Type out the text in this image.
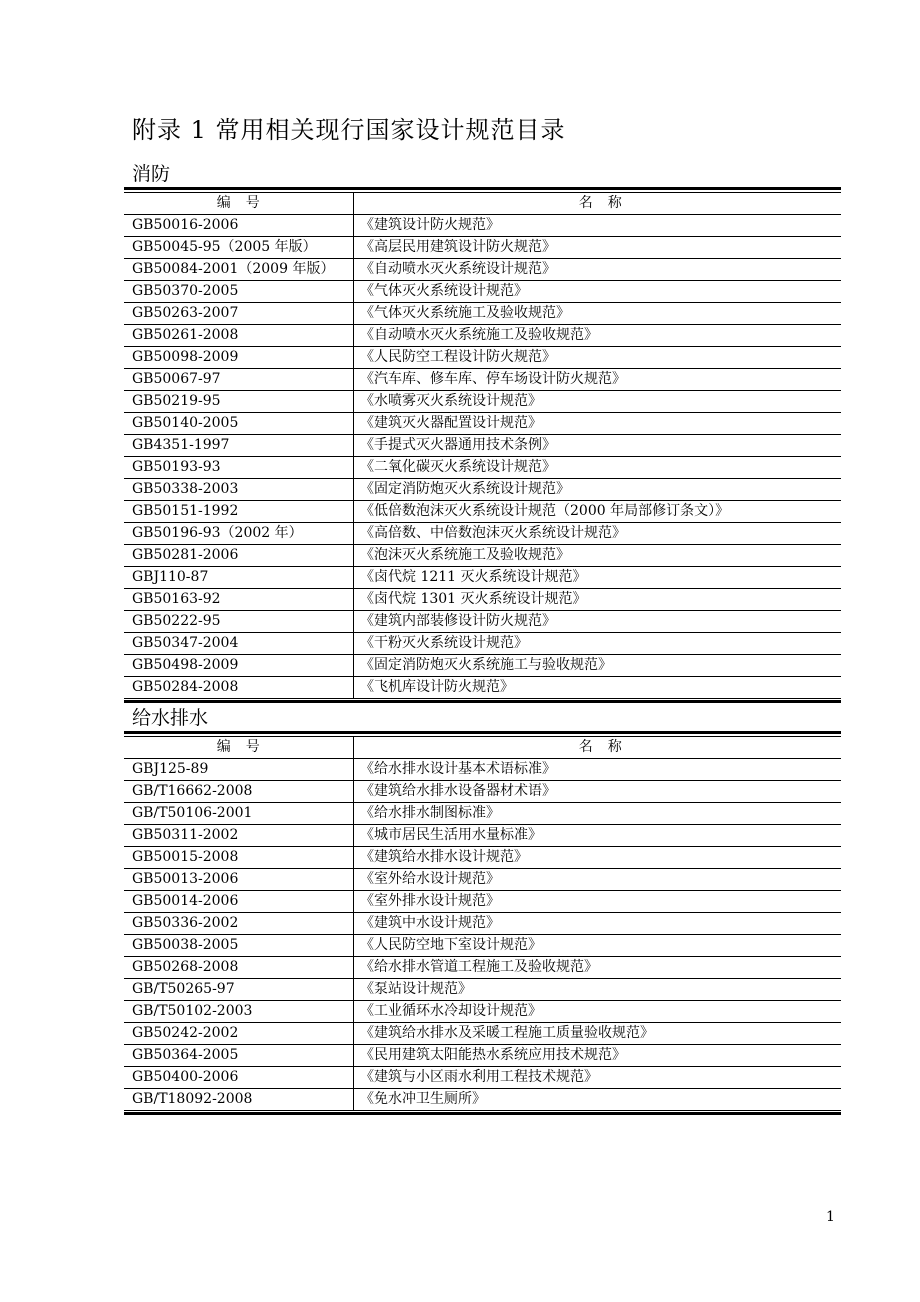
附录 1 常用相关现行国家设计规范目录
消防
编　号	名　称
GB50016-2006	《建筑设计防火规范》
GB50045-95（2005 年版）	《高层民用建筑设计防火规范》
GB50084-2001（2009 年版）	《自动喷水灭火系统设计规范》
GB50370-2005	《气体灭火系统设计规范》
GB50263-2007	《气体灭火系统施工及验收规范》
GB50261-2008	《自动喷水灭火系统施工及验收规范》
GB50098-2009	《人民防空工程设计防火规范》
GB50067-97	《汽车库、修车库、停车场设计防火规范》
GB50219-95	《水喷雾灭火系统设计规范》
GB50140-2005	《建筑灭火器配置设计规范》
GB4351-1997	《手提式灭火器通用技术条例》
GB50193-93	《二氧化碳灭火系统设计规范》
GB50338-2003	《固定消防炮灭火系统设计规范》
GB50151-1992	《低倍数泡沫灭火系统设计规范（2000 年局部修订条文）》
GB50196-93（2002 年）	《高倍数、中倍数泡沫灭火系统设计规范》
GB50281-2006	《泡沫灭火系统施工及验收规范》
GBJ110-87	《卤代烷 1211 灭火系统设计规范》
GB50163-92	《卤代烷 1301 灭火系统设计规范》
GB50222-95	《建筑内部装修设计防火规范》
GB50347-2004	《干粉灭火系统设计规范》
GB50498-2009	《固定消防炮灭火系统施工与验收规范》
GB50284-2008	《飞机库设计防火规范》
给水排水
编　号	名　称
GBJ125-89	《给水排水设计基本术语标准》
GB/T16662-2008	《建筑给水排水设备器材术语》
GB/T50106-2001	《给水排水制图标准》
GB50311-2002	《城市居民生活用水量标准》
GB50015-2008	《建筑给水排水设计规范》
GB50013-2006	《室外给水设计规范》
GB50014-2006	《室外排水设计规范》
GB50336-2002	《建筑中水设计规范》
GB50038-2005	《人民防空地下室设计规范》
GB50268-2008	《给水排水管道工程施工及验收规范》
GB/T50265-97	《泵站设计规范》
GB/T50102-2003	《工业循环水冷却设计规范》
GB50242-2002	《建筑给水排水及采暖工程施工质量验收规范》
GB50364-2005	《民用建筑太阳能热水系统应用技术规范》
GB50400-2006	《建筑与小区雨水利用工程技术规范》
GB/T18092-2008	《免水冲卫生厕所》
1
